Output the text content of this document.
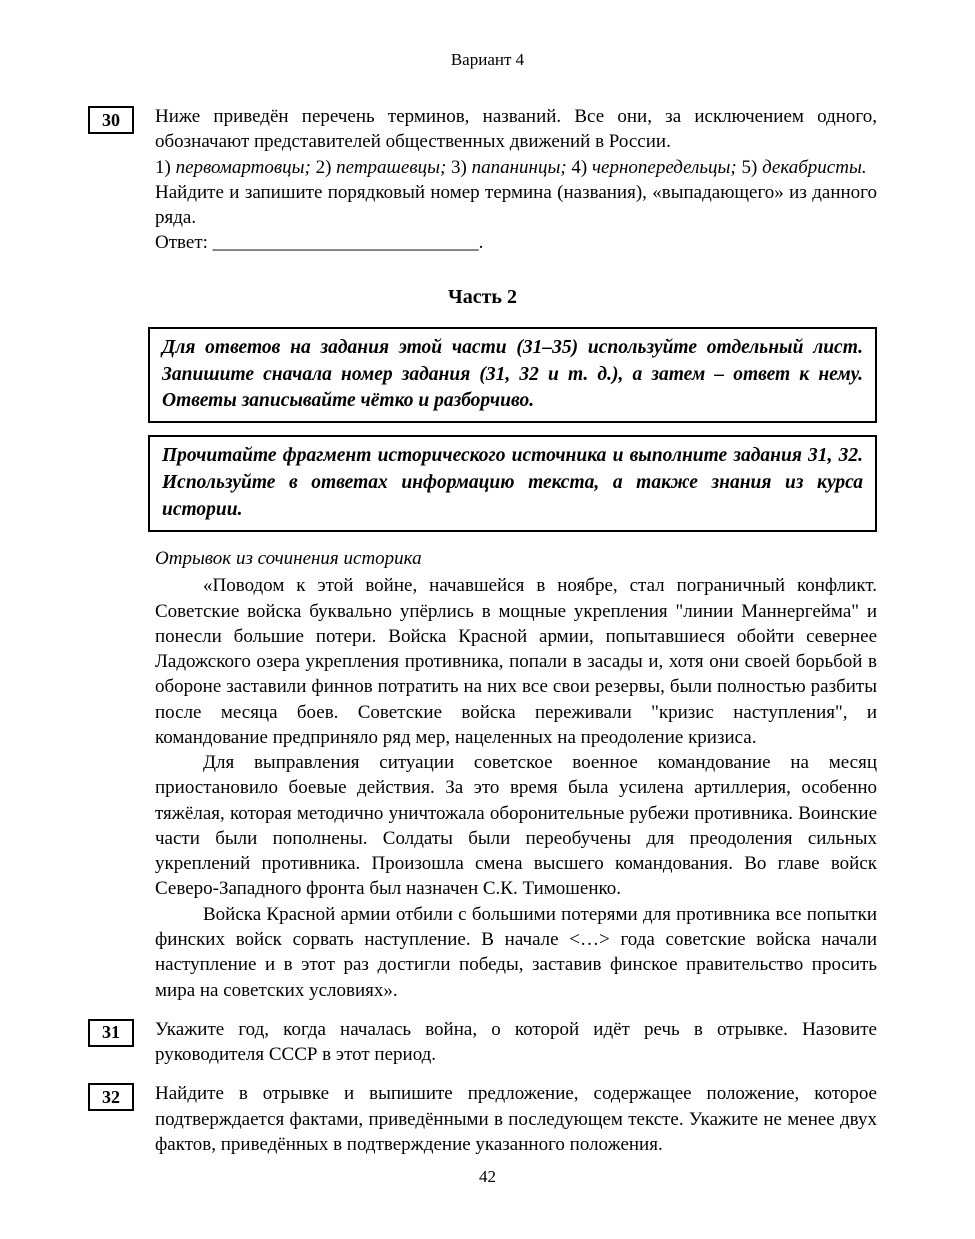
Вариант 4
30 Ниже приведён перечень терминов, названий. Все они, за исключением одного, обозначают представителей общественных движений в России.

1) первомартовцы; 2) петрашевцы; 3) папанинцы; 4) чернопередельцы; 5) декабристы.

Найдите и запишите порядковый номер термина (названия), «выпадающего» из данного ряда.

Ответ: ____________________________.

Часть 2
Для ответов на задания этой части (31–35) используйте отдельный лист. Запишите сначала номер задания (31, 32 и т. д.), а затем – ответ к нему. Ответы записывайте чётко и разборчиво.
Прочитайте фрагмент исторического источника и выполните задания 31, 32. Используйте в ответах информацию текста, а также знания из курса истории.

Отрывок из сочинения историка

«Поводом к этой войне, начавшейся в ноябре, стал пограничный конфликт. Советские войска буквально упёрлись в мощные укрепления "линии Маннергейма" и понесли большие потери. Войска Красной армии, попытавшиеся обойти севернее Ладожского озера укрепления противника, попали в засады и, хотя они своей борьбой в обороне заставили финнов потратить на них все свои резервы, были полностью разбиты после месяца боев. Советские войска переживали "кризис наступления", и командование предприняло ряд мер, нацеленных на преодоление кризиса.

Для выправления ситуации советское военное командование на месяц приостановило боевые действия. За это время была усилена артиллерия, особенно тяжёлая, которая методично уничтожала оборонительные рубежи противника. Воинские части были пополнены. Солдаты были переобучены для преодоления сильных укреплений противника. Произошла смена высшего командования. Во главе войск Северо-Западного фронта был назначен С.К. Тимошенко.

Войска Красной армии отбили с большими потерями для противника все попытки финских войск сорвать наступление. В начале <…> года советские войска начали наступление и в этот раз достигли победы, заставив финское правительство просить мира на советских условиях».

31 Укажите год, когда началась война, о которой идёт речь в отрывке. Назовите руководителя СССР в этот период.

32 Найдите в отрывке и выпишите предложение, содержащее положение, которое подтверждается фактами, приведёнными в последующем тексте. Укажите не менее двух фактов, приведённых в подтверждение указанного положения.

42
